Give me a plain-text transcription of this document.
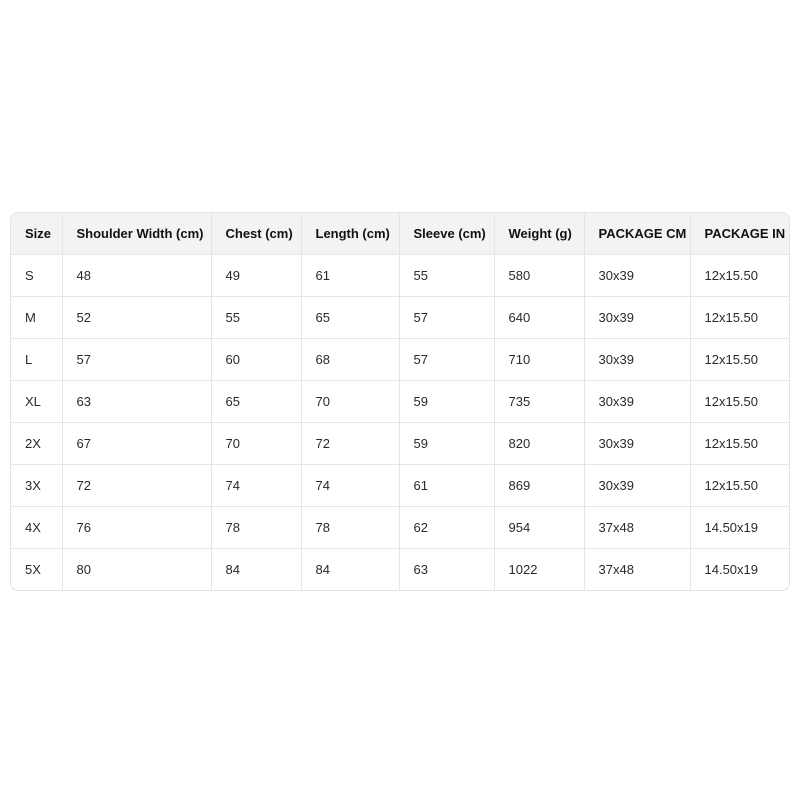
Size	Shoulder Width (cm)	Chest (cm)	Length (cm)	Sleeve (cm)	Weight (g)	PACKAGE CM	PACKAGE IN
S	48	49	61	55	580	30x39	12x15.50
M	52	55	65	57	640	30x39	12x15.50
L	57	60	68	57	710	30x39	12x15.50
XL	63	65	70	59	735	30x39	12x15.50
2X	67	70	72	59	820	30x39	12x15.50
3X	72	74	74	61	869	30x39	12x15.50
4X	76	78	78	62	954	37x48	14.50x19
5X	80	84	84	63	1022	37x48	14.50x19
